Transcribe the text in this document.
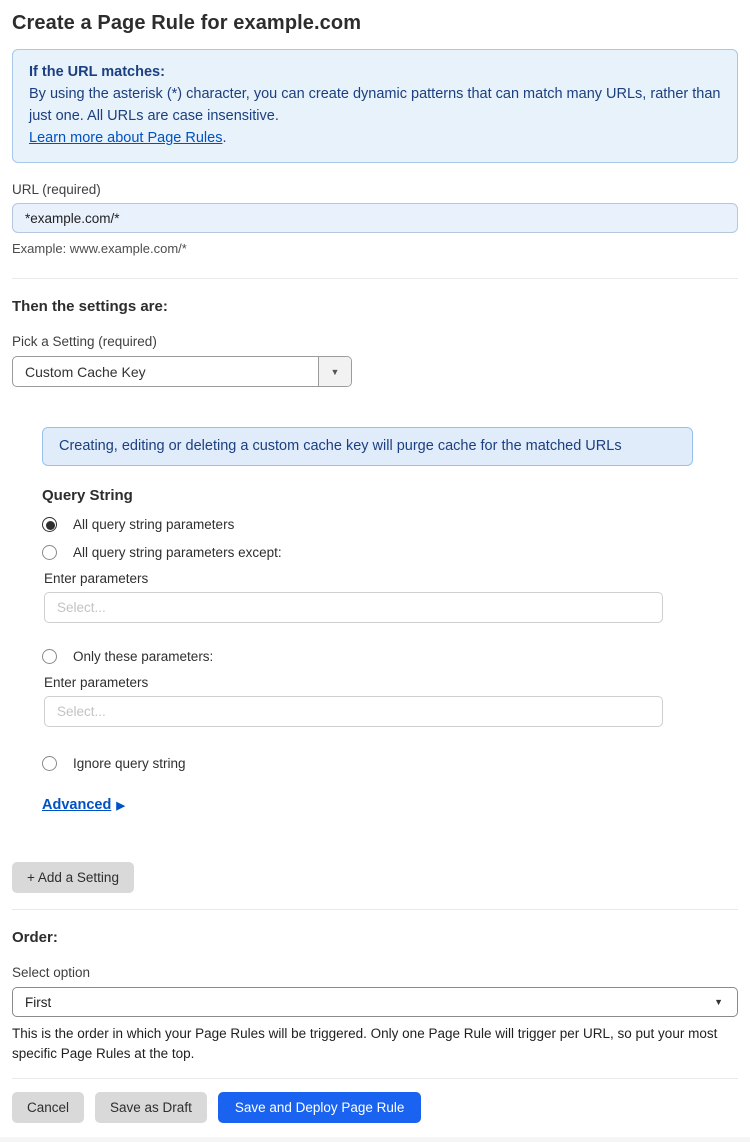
Create a Page Rule for example.com
If the URL matches:
By using the asterisk (*) character, you can create dynamic patterns that can match many URLs, rather than just one. All URLs are case insensitive.
Learn more about Page Rules.
URL (required)
*example.com/*
Example: www.example.com/*
Then the settings are:
Pick a Setting (required)
Custom Cache Key	▼
Creating, editing or deleting a custom cache key will purge cache for the matched URLs
Query String
All query string parameters
All query string parameters except:
Enter parameters
Select...
Only these parameters:
Enter parameters
Select...
Ignore query string
Advanced ▶
+ Add a Setting
Order:
Select option
First	▼
This is the order in which your Page Rules will be triggered. Only one Page Rule will trigger per URL, so put your most specific Page Rules at the top.
Cancel	Save as Draft	Save and Deploy Page Rule
